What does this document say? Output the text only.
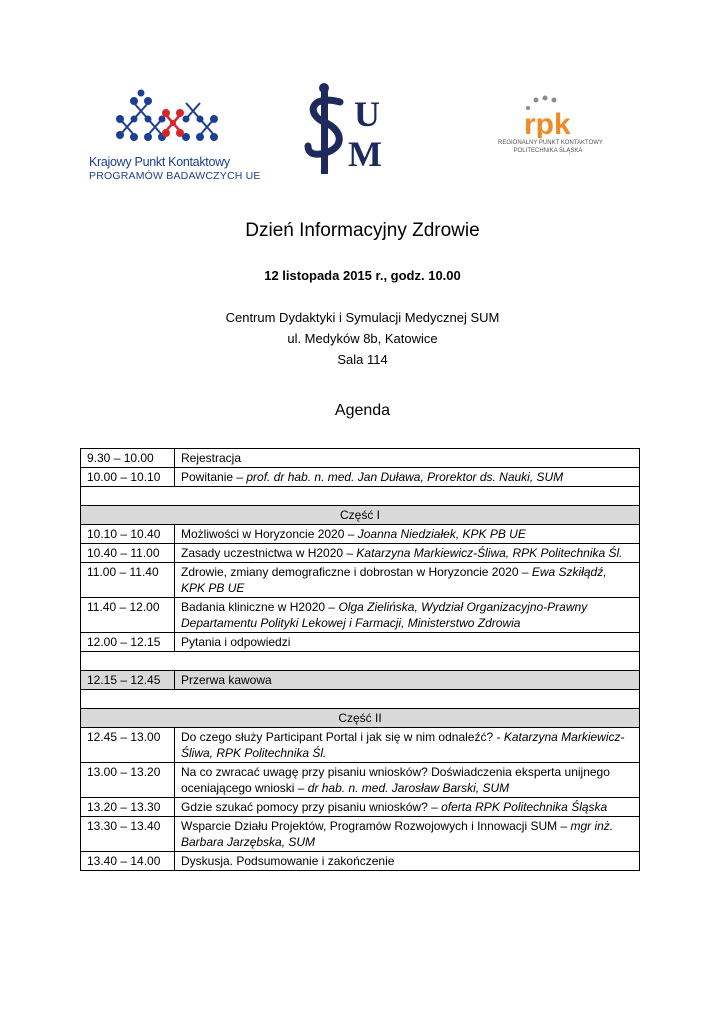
Krajowy Punkt Kontaktowy
PROGRAMÓW BADAWCZYCH UE
U
M
rpk
REGIONALNY PUNKT KONTAKTOWY
POLITECHNIKA ŚLĄSKA
Dzień Informacyjny Zdrowie
12 listopada 2015 r., godz. 10.00
Centrum Dydaktyki i Symulacji Medycznej SUM
ul. Medyków 8b, Katowice
Sala 114
Agenda
9.30 – 10.00	Rejestracja
10.00 – 10.10	Powitanie – prof. dr hab. n. med. Jan Duława, Prorektor ds. Nauki, SUM

Część I	
10.10 – 10.40	Możliwości w Horyzoncie 2020 – Joanna Niedziałek, KPK PB UE
10.40 – 11.00	Zasady uczestnictwa w H2020 – Katarzyna Markiewicz-Śliwa, RPK Politechnika Śl.
11.00 – 11.40	Zdrowie, zmiany demograficzne i dobrostan w Horyzoncie 2020 – Ewa Szkiłądź, KPK PB UE
11.40 – 12.00	Badania kliniczne w H2020 – Olga Zielińska, Wydział Organizacyjno-Prawny Departamentu Polityki Lekowej i Farmacji, Ministerstwo Zdrowia
12.00 – 12.15	Pytania i odpowiedzi

12.15 – 12.45	Przerwa kawowa

Część II	
12.45 – 13.00	Do czego służy Participant Portal i jak się w nim odnaleźć? - Katarzyna Markiewicz-Śliwa, RPK Politechnika Śl.
13.00 – 13.20	Na co zwracać uwagę przy pisaniu wniosków? Doświadczenia eksperta unijnego oceniającego wnioski – dr hab. n. med. Jarosław Barski, SUM
13.20 – 13.30	Gdzie szukać pomocy przy pisaniu wniosków? – oferta RPK Politechnika Śląska
13.30 – 13.40	Wsparcie Działu Projektów, Programów Rozwojowych i Innowacji SUM – mgr inż. Barbara Jarzębska, SUM
13.40 – 14.00	Dyskusja. Podsumowanie i zakończenie
